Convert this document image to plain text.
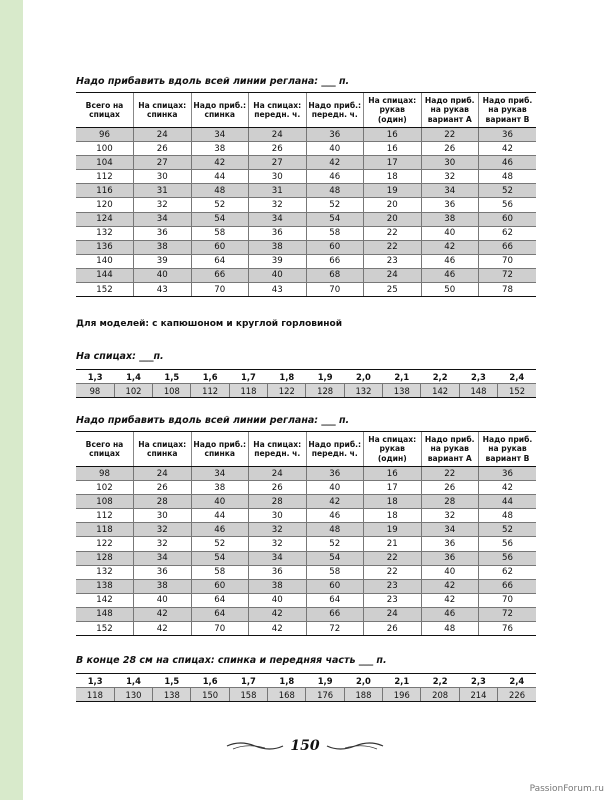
Надо прибавить вдоль всей линии реглана: ___ п.
Всего на спицах	На спицах: спинка	Надо приб.: спинка	На спицах: передн. ч.	Надо приб.: передн. ч.	На спицах: рукав (один)	Надо приб. на рукав вариант А	Надо приб. на рукав вариант В
96	24	34	24	36	16	22	36
100	26	38	26	40	16	26	42
104	27	42	27	42	17	30	46
112	30	44	30	46	18	32	48
116	31	48	31	48	19	34	52
120	32	52	32	52	20	36	56
124	34	54	34	54	20	38	60
132	36	58	36	58	22	40	62
136	38	60	38	60	22	42	66
140	39	64	39	66	23	46	70
144	40	66	40	68	24	46	72
152	43	70	43	70	25	50	78
Для моделей: с капюшоном и круглой горловиной
На спицах: ___п.
1,3	1,4	1,5	1,6	1,7	1,8	1,9	2,0	2,1	2,2	2,3	2,4
98	102	108	112	118	122	128	132	138	142	148	152
Надо прибавить вдоль всей линии реглана: ___ п.
Всего на спицах	На спицах: спинка	Надо приб.: спинка	На спицах: передн. ч.	Надо приб.: передн. ч.	На спицах: рукав (один)	Надо приб. на рукав вариант А	Надо приб. на рукав вариант В
98	24	34	24	36	16	22	36
102	26	38	26	40	17	26	42
108	28	40	28	42	18	28	44
112	30	44	30	46	18	32	48
118	32	46	32	48	19	34	52
122	32	52	32	52	21	36	56
128	34	54	34	54	22	36	56
132	36	58	36	58	22	40	62
138	38	60	38	60	23	42	66
142	40	64	40	64	23	42	70
148	42	64	42	66	24	46	72
152	42	70	42	72	26	48	76
В конце 28 см на спицах: спинка и передняя часть ___ п.
1,3	1,4	1,5	1,6	1,7	1,8	1,9	2,0	2,1	2,2	2,3	2,4
118	130	138	150	158	168	176	188	196	208	214	226
150
PassionForum.ru
